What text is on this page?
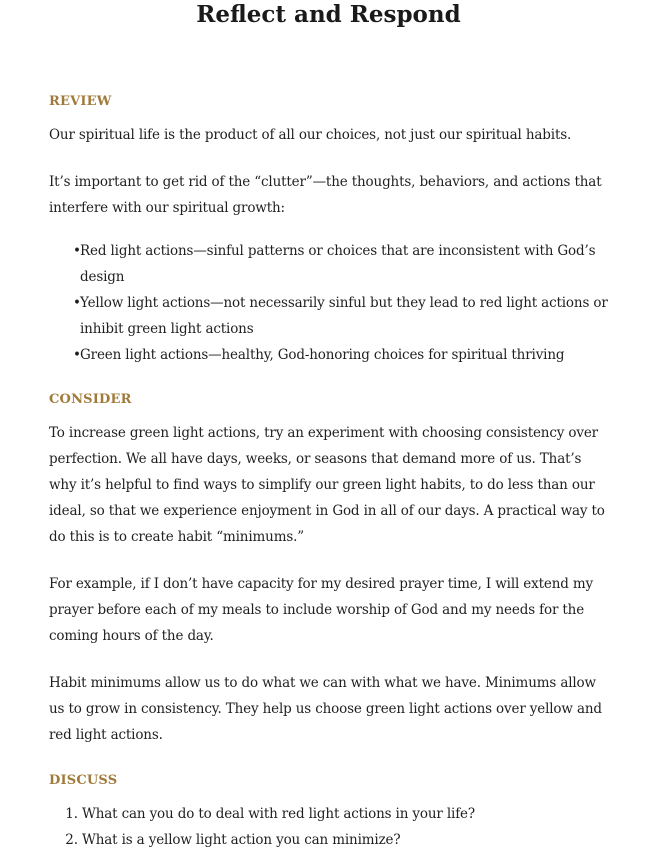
Reflect and Respond
REVIEW

Our spiritual life is the product of all our choices, not just our spiritual habits.

It’s important to get rid of the “clutter”—the thoughts, behaviors, and actions that interfere with our spiritual growth:

•Red light actions—sinful patterns or choices that are inconsistent with God’s design
•Yellow light actions—not necessarily sinful but they lead to red light actions or inhibit green light actions
•Green light actions—healthy, God-honoring choices for spiritual thriving
CONSIDER

To increase green light actions, try an experiment with choosing consistency over perfection. We all have days, weeks, or seasons that demand more of us. That’s why it’s helpful to find ways to simplify our green light habits, to do less than our ideal, so that we experience enjoyment in God in all of our days. A practical way to do this is to create habit “minimums.”

For example, if I don’t have capacity for my desired prayer time, I will extend my prayer before each of my meals to include worship of God and my needs for the coming hours of the day.

Habit minimums allow us to do what we can with what we have. Minimums allow us to grow in consistency. They help us choose green light actions over yellow and red light actions.

DISCUSS
1. What can you do to deal with red light actions in your life?
2. What is a yellow light action you can minimize?
